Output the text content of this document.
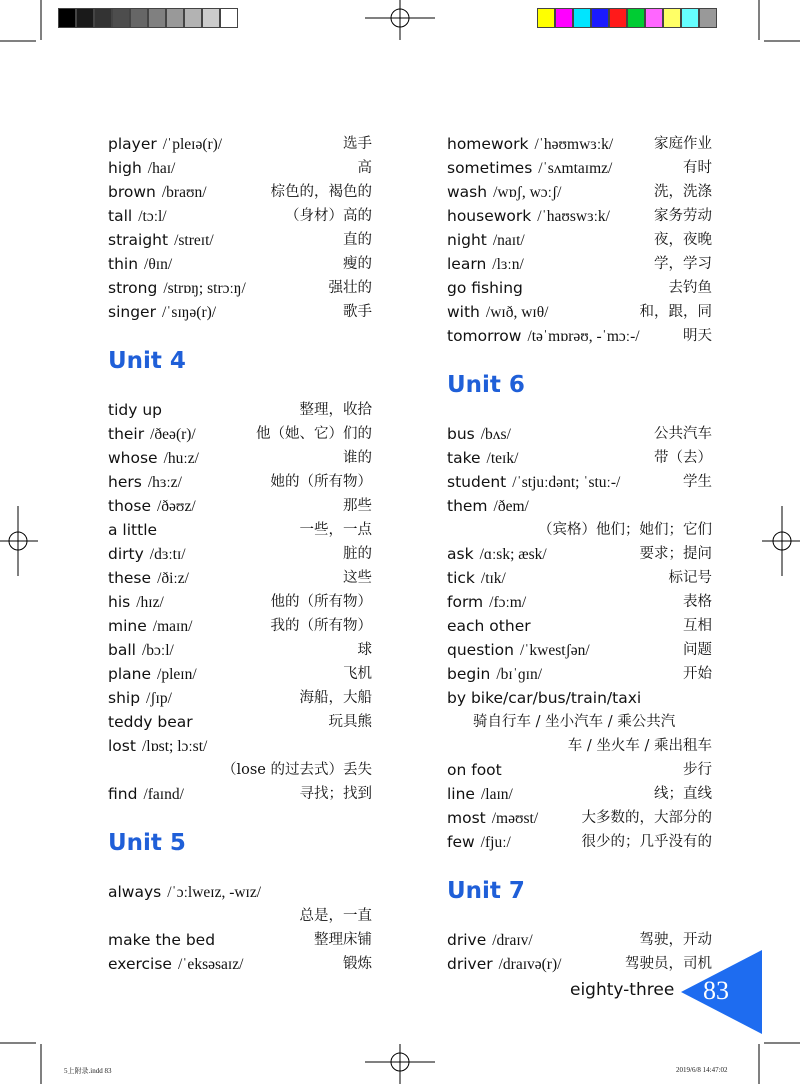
player /ˈpleɪə(r)/	选手
high /haɪ/	高
brown /braʊn/	棕色的，褐色的
tall /tɔːl/	（身材）高的
straight /streɪt/	直的
thin /θɪn/	瘦的
strong /strɒŋ; strɔːŋ/	强壮的
singer /ˈsɪŋə(r)/	歌手
Unit 4
tidy up	整理，收拾
their /ðeə(r)/	他（她、它）们的
whose /huːz/	谁的
hers /hɜːz/	她的（所有物）
those /ðəʊz/	那些
a little	一些，一点
dirty /dɜːtɪ/	脏的
these /ðiːz/	这些
his /hɪz/	他的（所有物）
mine /maɪn/	我的（所有物）
ball /bɔːl/	球
plane /pleɪn/	飞机
ship /ʃɪp/	海船，大船
teddy bear	玩具熊
lost /lɒst; lɔːst/
（lose 的过去式）丢失
find /faɪnd/	寻找；找到
Unit 5
always /ˈɔːlweɪz, -wɪz/
总是，一直
make the bed	整理床铺
exercise /ˈeksəsaɪz/	锻炼
homework /ˈhəʊmwɜːk/	家庭作业
sometimes /ˈsʌmtaɪmz/	有时
wash /wɒʃ, wɔːʃ/	洗，洗涤
housework /ˈhaʊswɜːk/	家务劳动
night /naɪt/	夜，夜晚
learn /lɜːn/	学，学习
go fishing	去钓鱼
with /wɪð, wɪθ/	和，跟，同
tomorrow /təˈmɒrəʊ, -ˈmɔː-/	明天
Unit 6
bus /bʌs/	公共汽车
take /teɪk/	带（去）
student /ˈstjuːdənt; ˈstuː-/	学生
them /ðem/
（宾格）他们；她们；它们
ask /ɑːsk; æsk/	要求；提问
tick /tɪk/	标记号
form /fɔːm/	表格
each other	互相
question /ˈkwestʃən/	问题
begin /bɪˈɡɪn/	开始
by bike/car/bus/train/taxi
骑自行车 / 坐小汽车 / 乘公共汽
车 / 坐火车 / 乘出租车
on foot	步行
line /laɪn/	线；直线
most /məʊst/	大多数的，大部分的
few /fjuː/	很少的；几乎没有的
Unit 7
drive /draɪv/	驾驶，开动
driver /draɪvə(r)/	驾驶员，司机
eighty-three 83
5上附录.indd 83	2019/6/8 14:47:02
